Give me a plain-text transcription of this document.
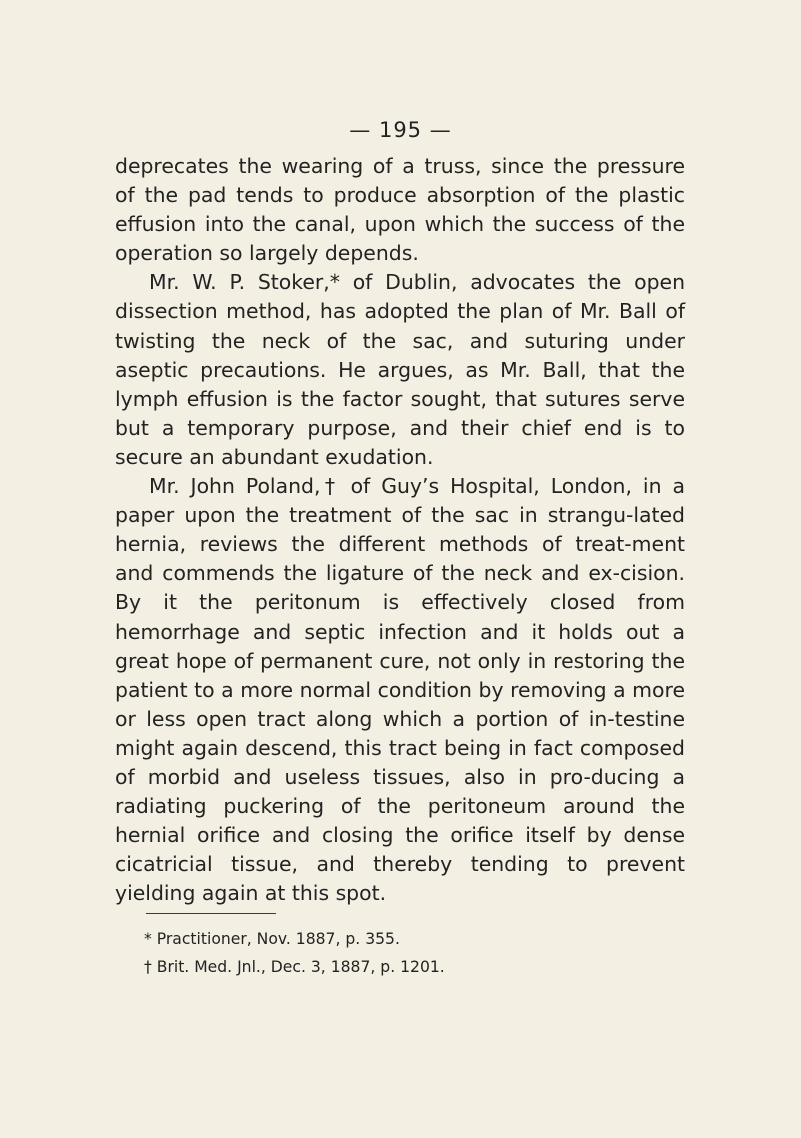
— 195 —

deprecates the wearing of a truss, since the pressure of the pad tends to produce absorption of the plastic effusion into the canal, upon which the success of the operation so largely depends.

Mr. W. P. Stoker,* of Dublin, advocates the open dissection method, has adopted the plan of Mr. Ball of twisting the neck of the sac, and suturing under aseptic precautions. He argues, as Mr. Ball, that the lymph effusion is the factor sought, that sutures serve but a temporary purpose, and their chief end is to secure an abundant exudation.

Mr. John Poland,† of Guy’s Hospital, London, in a paper upon the treatment of the sac in strangu-lated hernia, reviews the different methods of treat-ment and commends the ligature of the neck and ex-cision. By it the peritonum is effectively closed from hemorrhage and septic infection and it holds out a great hope of permanent cure, not only in restoring the patient to a more normal condition by removing a more or less open tract along which a portion of in-testine might again descend, this tract being in fact composed of morbid and useless tissues, also in pro-ducing a radiating puckering of the peritoneum around the hernial orifice and closing the orifice itself by dense cicatricial tissue, and thereby tending to prevent yielding again at this spot.

* Practitioner, Nov. 1887, p. 355.
† Brit. Med. Jnl., Dec. 3, 1887, p. 1201.
